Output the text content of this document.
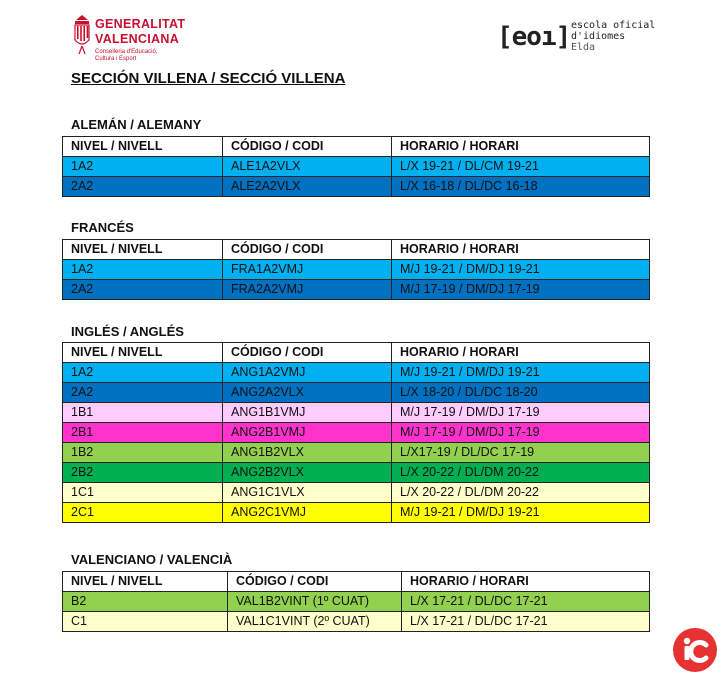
GENERALITAT
VALENCIANA
Conselleria d'Educació,
Cultura i Esport
[eoı] escola oficial
d'idiomes
Elda
SECCIÓN VILLENA / SECCIÓ VILLENA
ALEMÁN / ALEMANY
NIVEL / NIVELL	CÓDIGO / CODI	HORARIO / HORARI
1A2	ALE1A2VLX	L/X 19-21 / DL/CM 19-21
2A2	ALE2A2VLX	L/X 16-18 / DL/DC 16-18
FRANCÉS
NIVEL / NIVELL	CÓDIGO / CODI	HORARIO / HORARI
1A2	FRA1A2VMJ	M/J 19-21 / DM/DJ 19-21
2A2	FRA2A2VMJ	M/J 17-19 / DM/DJ 17-19
INGLÉS / ANGLÉS
NIVEL / NIVELL	CÓDIGO / CODI	HORARIO / HORARI
1A2	ANG1A2VMJ	M/J 19-21 / DM/DJ 19-21
2A2	ANG2A2VLX	L/X 18-20 / DL/DC 18-20
1B1	ANG1B1VMJ	M/J 17-19 / DM/DJ 17-19
2B1	ANG2B1VMJ	M/J 17-19 / DM/DJ 17-19
1B2	ANG1B2VLX	L/X17-19 / DL/DC 17-19
2B2	ANG2B2VLX	L/X 20-22 / DL/DM 20-22
1C1	ANG1C1VLX	L/X 20-22 / DL/DM 20-22
2C1	ANG2C1VMJ	M/J 19-21 / DM/DJ 19-21
VALENCIANO / VALENCIÀ
NIVEL / NIVELL	CÓDIGO / CODI	HORARIO / HORARI
B2	VAL1B2VINT (1º CUAT)	L/X 17-21 / DL/DC 17-21
C1	VAL1C1VINT (2º CUAT)	L/X 17-21 / DL/DC 17-21
